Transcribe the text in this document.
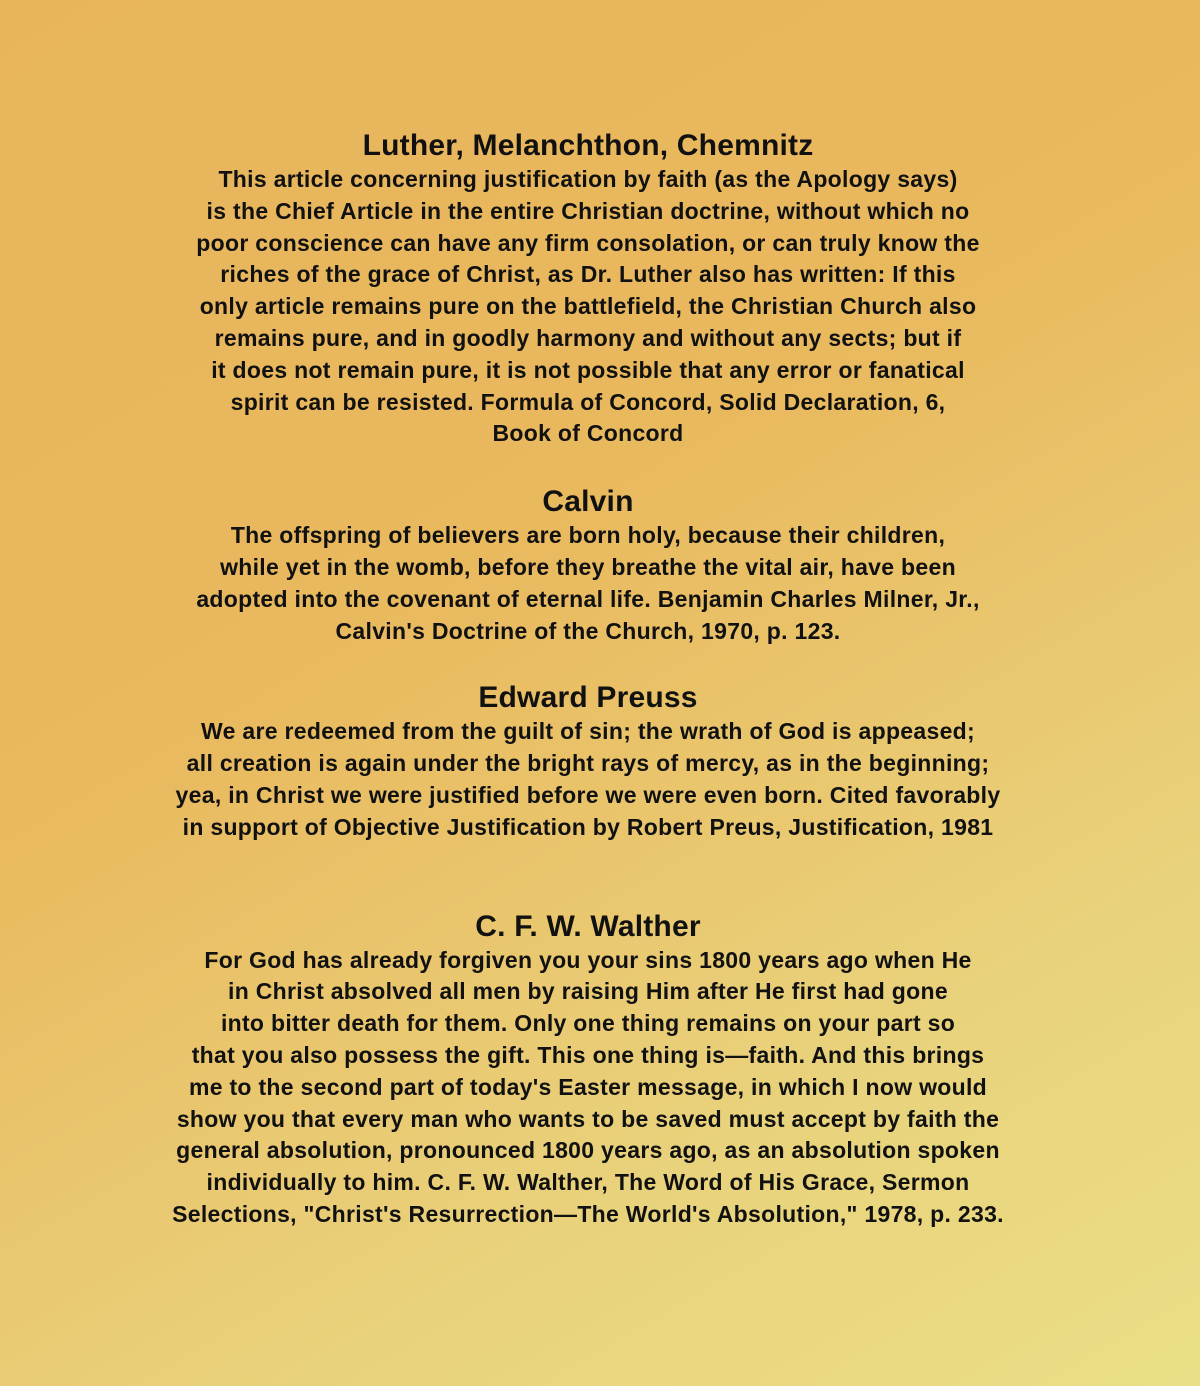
Luther, Melanchthon, Chemnitz
This article concerning justification by faith (as the Apology says)
is the Chief Article in the entire Christian doctrine, without which no
poor conscience can have any firm consolation, or can truly know the
riches of the grace of Christ, as Dr. Luther also has written: If this
only article remains pure on the battlefield, the Christian Church also
remains pure, and in goodly harmony and without any sects; but if
it does not remain pure, it is not possible that any error or fanatical
spirit can be resisted. Formula of Concord, Solid Declaration, 6,
Book of Concord
Calvin
The offspring of believers are born holy, because their children,
while yet in the womb, before they breathe the vital air, have been
adopted into the covenant of eternal life. Benjamin Charles Milner, Jr.,
Calvin's Doctrine of the Church, 1970, p. 123.
Edward Preuss
We are redeemed from the guilt of sin; the wrath of God is appeased;
all creation is again under the bright rays of mercy, as in the beginning;
yea, in Christ we were justified before we were even born. Cited favorably
in support of Objective Justification by Robert Preus, Justification, 1981
C. F. W. Walther
For God has already forgiven you your sins 1800 years ago when He
in Christ absolved all men by raising Him after He first had gone
into bitter death for them. Only one thing remains on your part so
that you also possess the gift. This one thing is—faith. And this brings
me to the second part of today's Easter message, in which I now would
show you that every man who wants to be saved must accept by faith the
general absolution, pronounced 1800 years ago, as an absolution spoken
individually to him. C. F. W. Walther, The Word of His Grace, Sermon
Selections, "Christ's Resurrection—The World's Absolution," 1978, p. 233.
